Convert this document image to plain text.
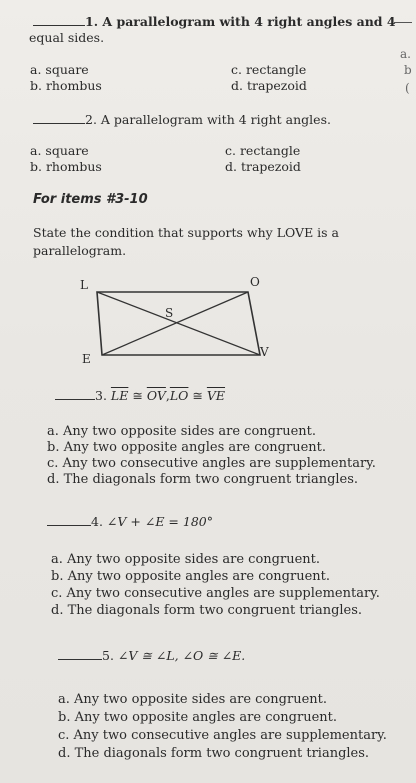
1. A parallelogram with 4 right angles and 4
equal sides.
a. square
b. rhombus
c. rectangle
d. trapezoid
a.
b
(
2. A parallelogram with 4 right angles.
a. square
b. rhombus
c. rectangle
d. trapezoid
For items #3-10
State the condition that supports why LOVE is a
parallelogram.
L	O
S
E	V
3. $\overline{LE}$ ≅ $\overline{OV},\overline{LO}$ ≅ $\overline{VE}$
a. Any two opposite sides are congruent.
b. Any two opposite angles are congruent.
c. Any two consecutive angles are supplementary.
d. The diagonals form two congruent triangles.
4. ∠V + ∠E = 180°
a. Any two opposite sides are congruent.
b. Any two opposite angles are congruent.
c. Any two consecutive angles are supplementary.
d. The diagonals form two congruent triangles.
5. ∠V ≅ ∠L, ∠O ≅ ∠E.
a. Any two opposite sides are congruent.
b. Any two opposite angles are congruent.
c. Any two consecutive angles are supplementary.
d. The diagonals form two congruent triangles.
